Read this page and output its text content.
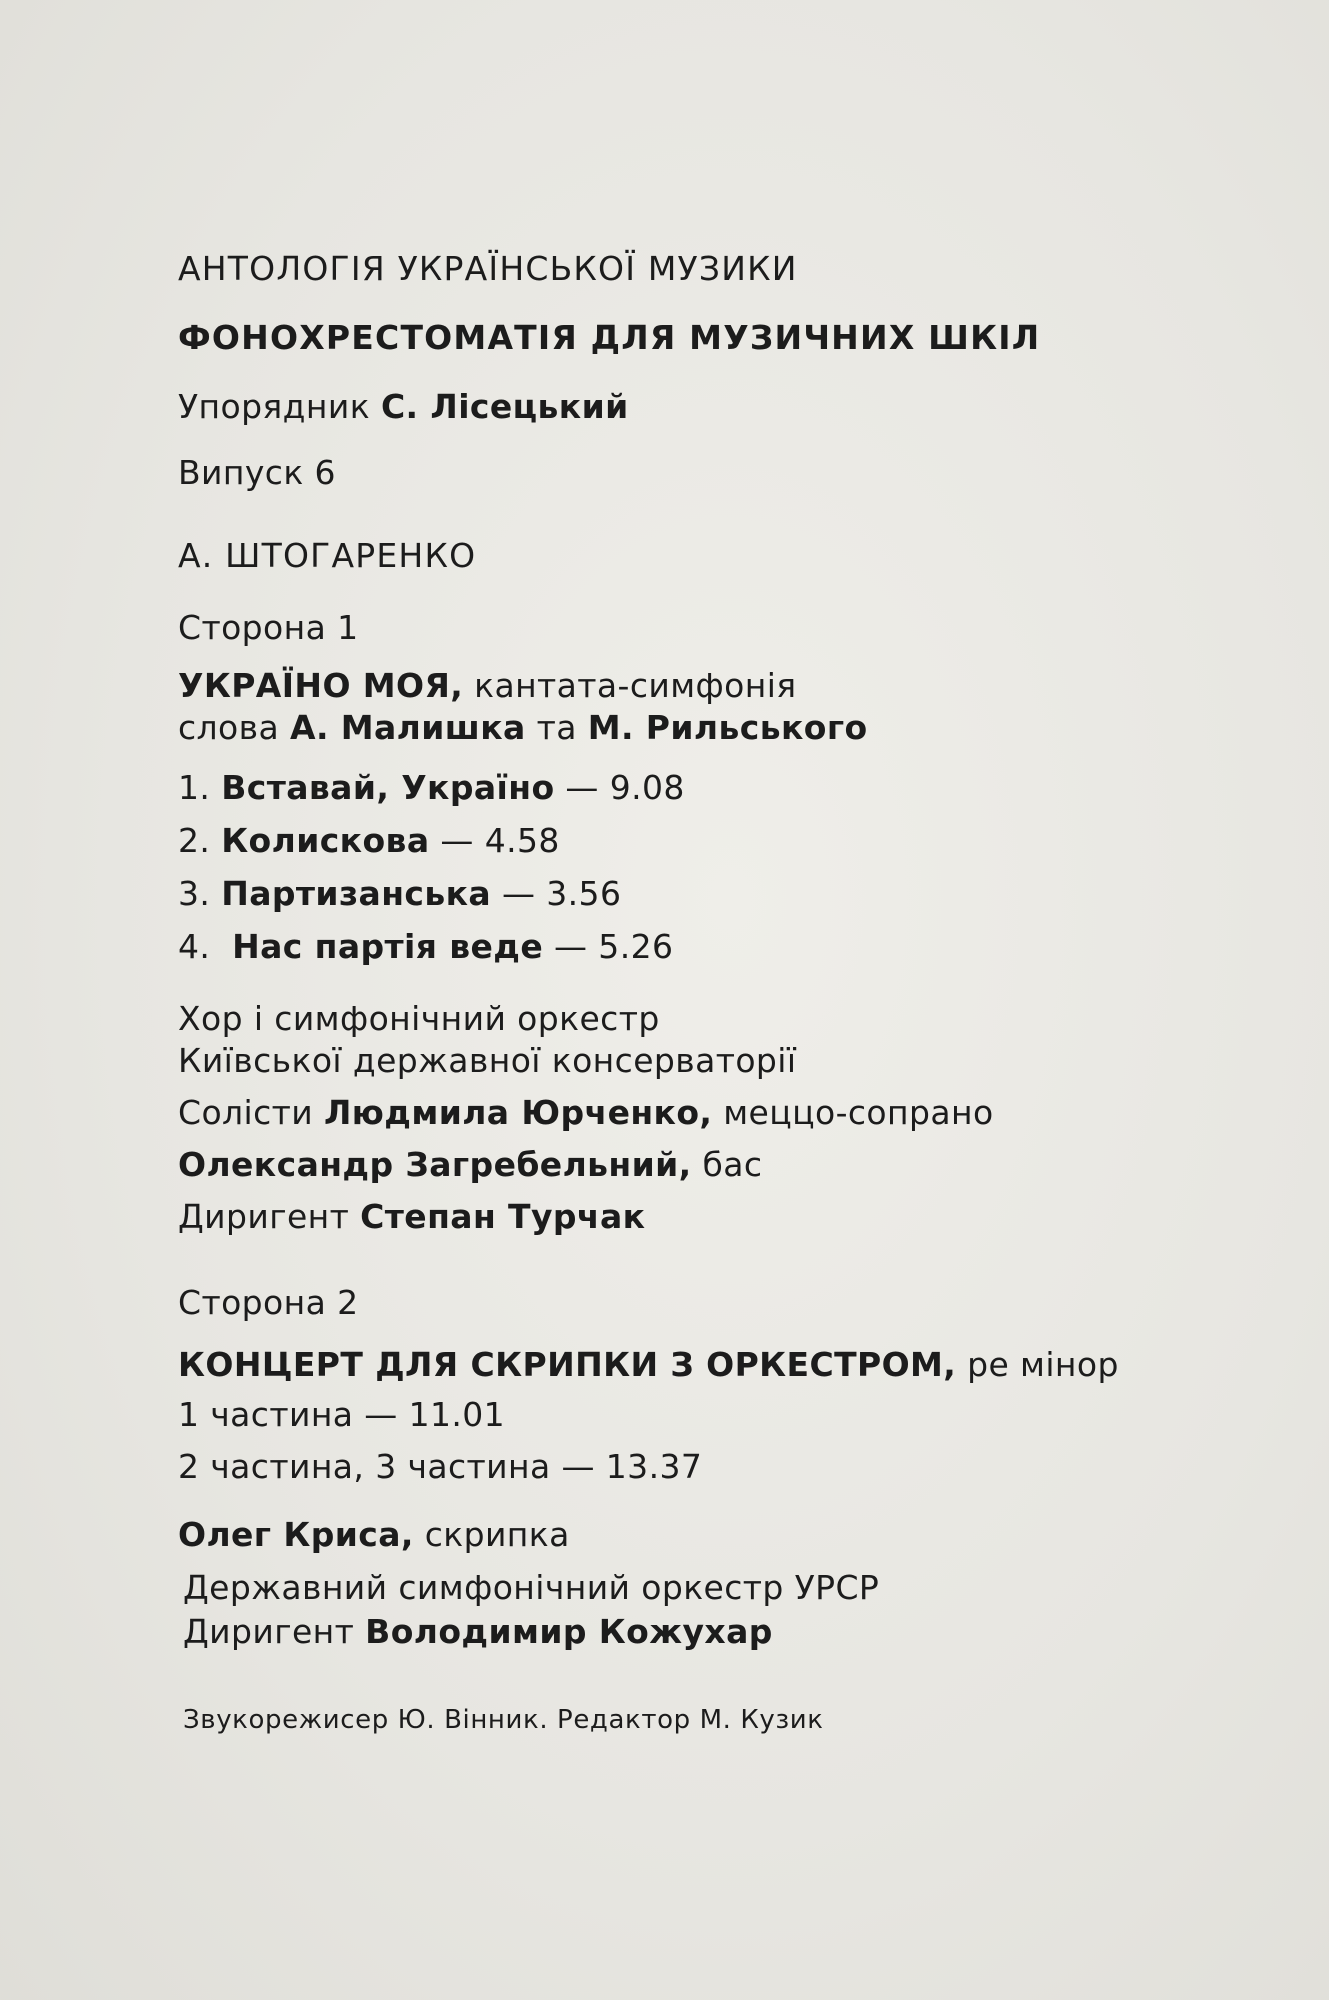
АНТОЛОГІЯ УКРАЇНСЬКОЇ МУЗИКИ
ФОНОХРЕСТОМАТІЯ ДЛЯ МУЗИЧНИХ ШКІЛ
Упорядник С. Лісецький
Випуск 6
А. ШТОГАРЕНКО
Сторона 1
УКРАЇНО МОЯ, кантата-симфонія
слова А. Малишка та М. Рильського
1. Вставай, Україно — 9.08
2. Колискова — 4.58
3. Партизанська — 3.56
4. Нас партія веде — 5.26
Хор і симфонічний оркестр
Київської державної консерваторії
Солісти Людмила Юрченко, меццо-сопрано
Олександр Загребельний, бас
Диригент Степан Турчак
Сторона 2
КОНЦЕРТ ДЛЯ СКРИПКИ З ОРКЕСТРОМ, ре мінор
1 частина — 11.01
2 частина, 3 частина — 13.37
Олег Криса, скрипка
Державний симфонічний оркестр УРСР
Диригент Володимир Кожухар
Звукорежисер Ю. Вінник. Редактор М. Кузик
